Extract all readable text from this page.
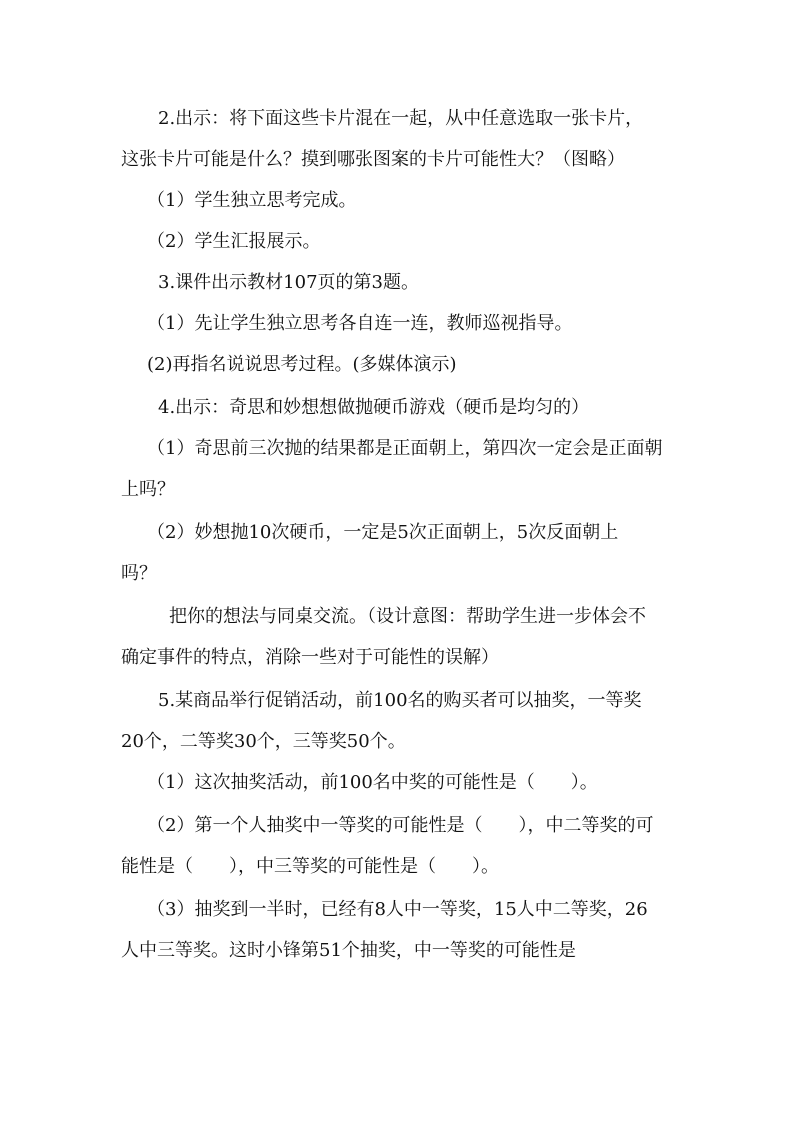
2.出示：将下面这些卡片混在一起，从中任意选取一张卡片，
这张卡片可能是什么？摸到哪张图案的卡片可能性大？（图略）
（1）学生独立思考完成。
（2）学生汇报展示。
3.课件出示教材107页的第3题。
（1）先让学生独立思考各自连一连，教师巡视指导。
(2)再指名说说思考过程。(多媒体演示)
4.出示：奇思和妙想想做抛硬币游戏（硬币是均匀的）
（1）奇思前三次抛的结果都是正面朝上，第四次一定会是正面朝
上吗？
（2）妙想抛10次硬币，一定是5次正面朝上，5次反面朝上
吗？
把你的想法与同桌交流。（设计意图：帮助学生进一步体会不
确定事件的特点，消除一些对于可能性的误解）
5.某商品举行促销活动，前100名的购买者可以抽奖，一等奖
20个，二等奖30个，三等奖50个。
（1）这次抽奖活动，前100名中奖的可能性是（　　）。
（2）第一个人抽奖中一等奖的可能性是（　　），中二等奖的可
能性是（　　），中三等奖的可能性是（　　）。
（3）抽奖到一半时，已经有8人中一等奖，15人中二等奖，26
人中三等奖。这时小锋第51个抽奖，中一等奖的可能性是
